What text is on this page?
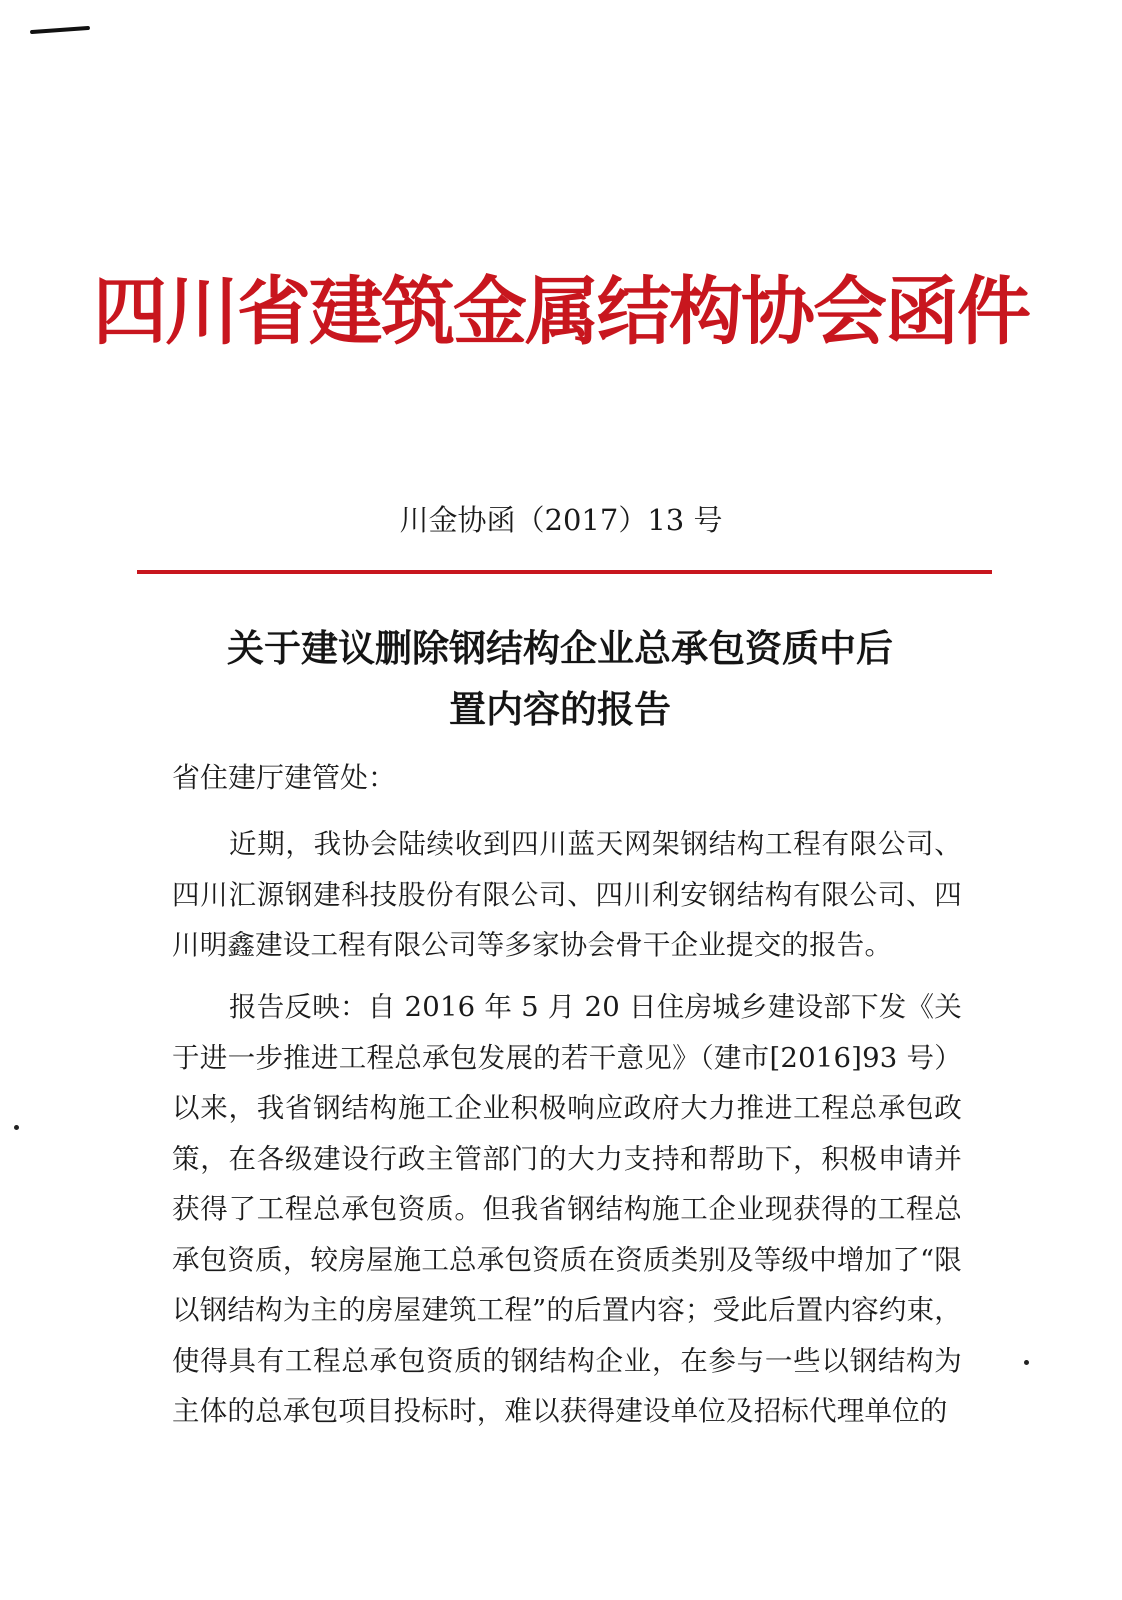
四川省建筑金属结构协会函件
川金协函（2017）13 号
关于建议删除钢结构企业总承包资质中后
置内容的报告
省住建厅建管处：

近期，我协会陆续收到四川蓝天网架钢结构工程有限公司、四川汇源钢建科技股份有限公司、四川利安钢结构有限公司、四川明鑫建设工程有限公司等多家协会骨干企业提交的报告。

报告反映：自 2016 年 5 月 20 日住房城乡建设部下发《关于进一步推进工程总承包发展的若干意见》（建市[2016]93 号）以来，我省钢结构施工企业积极响应政府大力推进工程总承包政策，在各级建设行政主管部门的大力支持和帮助下，积极申请并获得了工程总承包资质。但我省钢结构施工企业现获得的工程总承包资质，较房屋施工总承包资质在资质类别及等级中增加了“限以钢结构为主的房屋建筑工程”的后置内容；受此后置内容约束，使得具有工程总承包资质的钢结构企业，在参与一些以钢结构为主体的总承包项目投标时，难以获得建设单位及招标代理单位的
